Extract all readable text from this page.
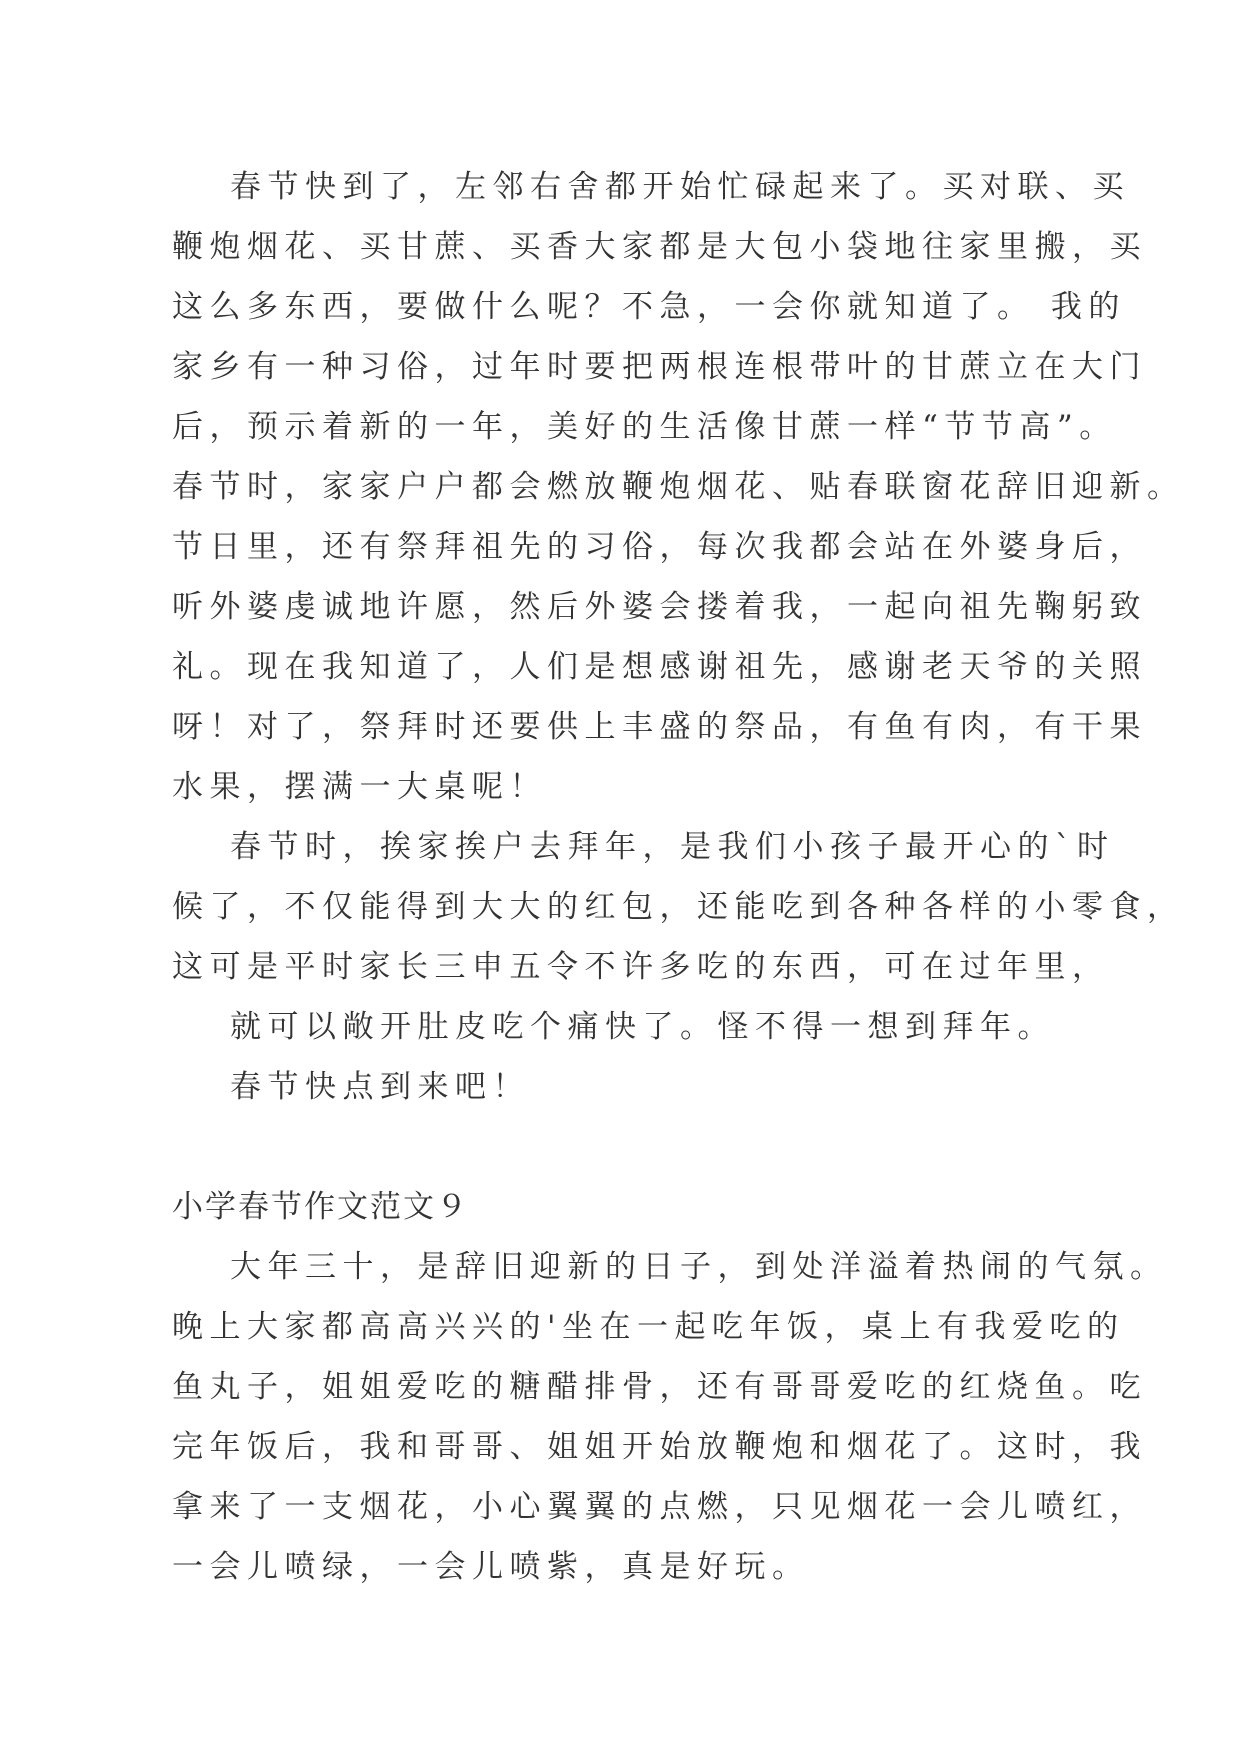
春节快到了，左邻右舍都开始忙碌起来了。买对联、买

鞭炮烟花、买甘蔗、买香大家都是大包小袋地往家里搬，买

这么多东西，要做什么呢？不急，一会你就知道了。 我的

家乡有一种习俗，过年时要把两根连根带叶的甘蔗立在大门

后，预示着新的一年，美好的生活像甘蔗一样“节节高”。

春节时，家家户户都会燃放鞭炮烟花、贴春联窗花辞旧迎新。

节日里，还有祭拜祖先的习俗，每次我都会站在外婆身后，

听外婆虔诚地许愿，然后外婆会搂着我，一起向祖先鞠躬致

礼。现在我知道了，人们是想感谢祖先，感谢老天爷的关照

呀！对了，祭拜时还要供上丰盛的祭品，有鱼有肉，有干果

水果，摆满一大桌呢！

春节时，挨家挨户去拜年，是我们小孩子最开心的`时

候了，不仅能得到大大的红包，还能吃到各种各样的小零食，

这可是平时家长三申五令不许多吃的东西，可在过年里，

就可以敞开肚皮吃个痛快了。怪不得一想到拜年。

春节快点到来吧！

小学春节作文范文９

大年三十，是辞旧迎新的日子，到处洋溢着热闹的气氛。

晚上大家都高高兴兴的'坐在一起吃年饭，桌上有我爱吃的

鱼丸子，姐姐爱吃的糖醋排骨，还有哥哥爱吃的红烧鱼。吃

完年饭后，我和哥哥、姐姐开始放鞭炮和烟花了。这时，我

拿来了一支烟花，小心翼翼的点燃，只见烟花一会儿喷红，

一会儿喷绿，一会儿喷紫，真是好玩。
